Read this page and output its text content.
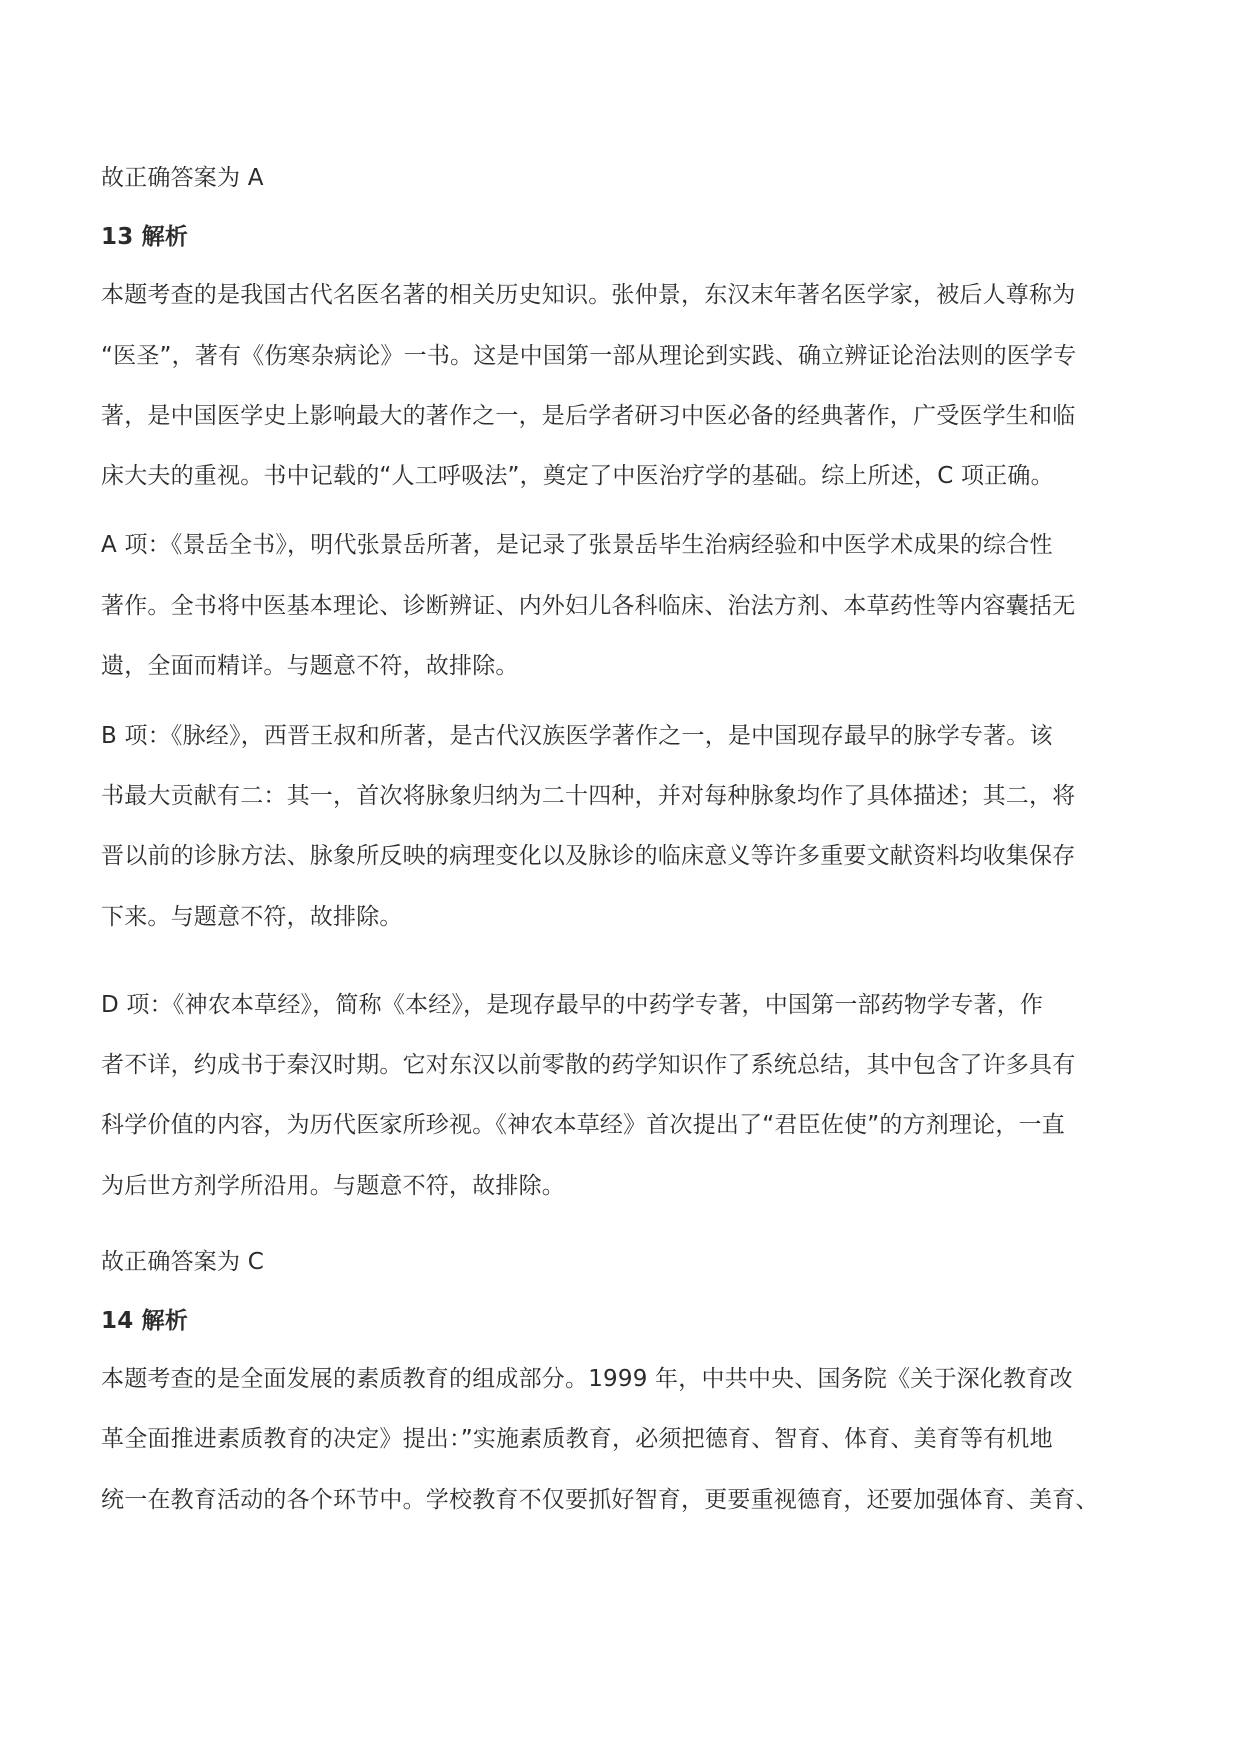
故正确答案为 A
13 解析
本题考查的是我国古代名医名著的相关历史知识。张仲景，东汉末年著名医学家，被后人尊称为
“医圣”，著有《伤寒杂病论》一书。这是中国第一部从理论到实践、确立辨证论治法则的医学专
著，是中国医学史上影响最大的著作之一，是后学者研习中医必备的经典著作，广受医学生和临
床大夫的重视。书中记载的“人工呼吸法”，奠定了中医治疗学的基础。综上所述，C 项正确。
A 项：《景岳全书》，明代张景岳所著，是记录了张景岳毕生治病经验和中医学术成果的综合性
著作。全书将中医基本理论、诊断辨证、内外妇儿各科临床、治法方剂、本草药性等内容囊括无
遗，全面而精详。与题意不符，故排除。
B 项：《脉经》，西晋王叔和所著，是古代汉族医学著作之一，是中国现存最早的脉学专著。该
书最大贡献有二：其一，首次将脉象归纳为二十四种，并对每种脉象均作了具体描述；其二，将
晋以前的诊脉方法、脉象所反映的病理变化以及脉诊的临床意义等许多重要文献资料均收集保存
下来。与题意不符，故排除。
D 项：《神农本草经》，简称《本经》，是现存最早的中药学专著，中国第一部药物学专著，作
者不详，约成书于秦汉时期。它对东汉以前零散的药学知识作了系统总结，其中包含了许多具有
科学价值的内容，为历代医家所珍视。《神农本草经》首次提出了“君臣佐使”的方剂理论，一直
为后世方剂学所沿用。与题意不符，故排除。
故正确答案为 C
14 解析
本题考查的是全面发展的素质教育的组成部分。1999 年，中共中央、国务院《关于深化教育改
革全面推进素质教育的决定》提出：”实施素质教育，必须把德育、智育、体育、美育等有机地
统一在教育活动的各个环节中。学校教育不仅要抓好智育，更要重视德育，还要加强体育、美育、
